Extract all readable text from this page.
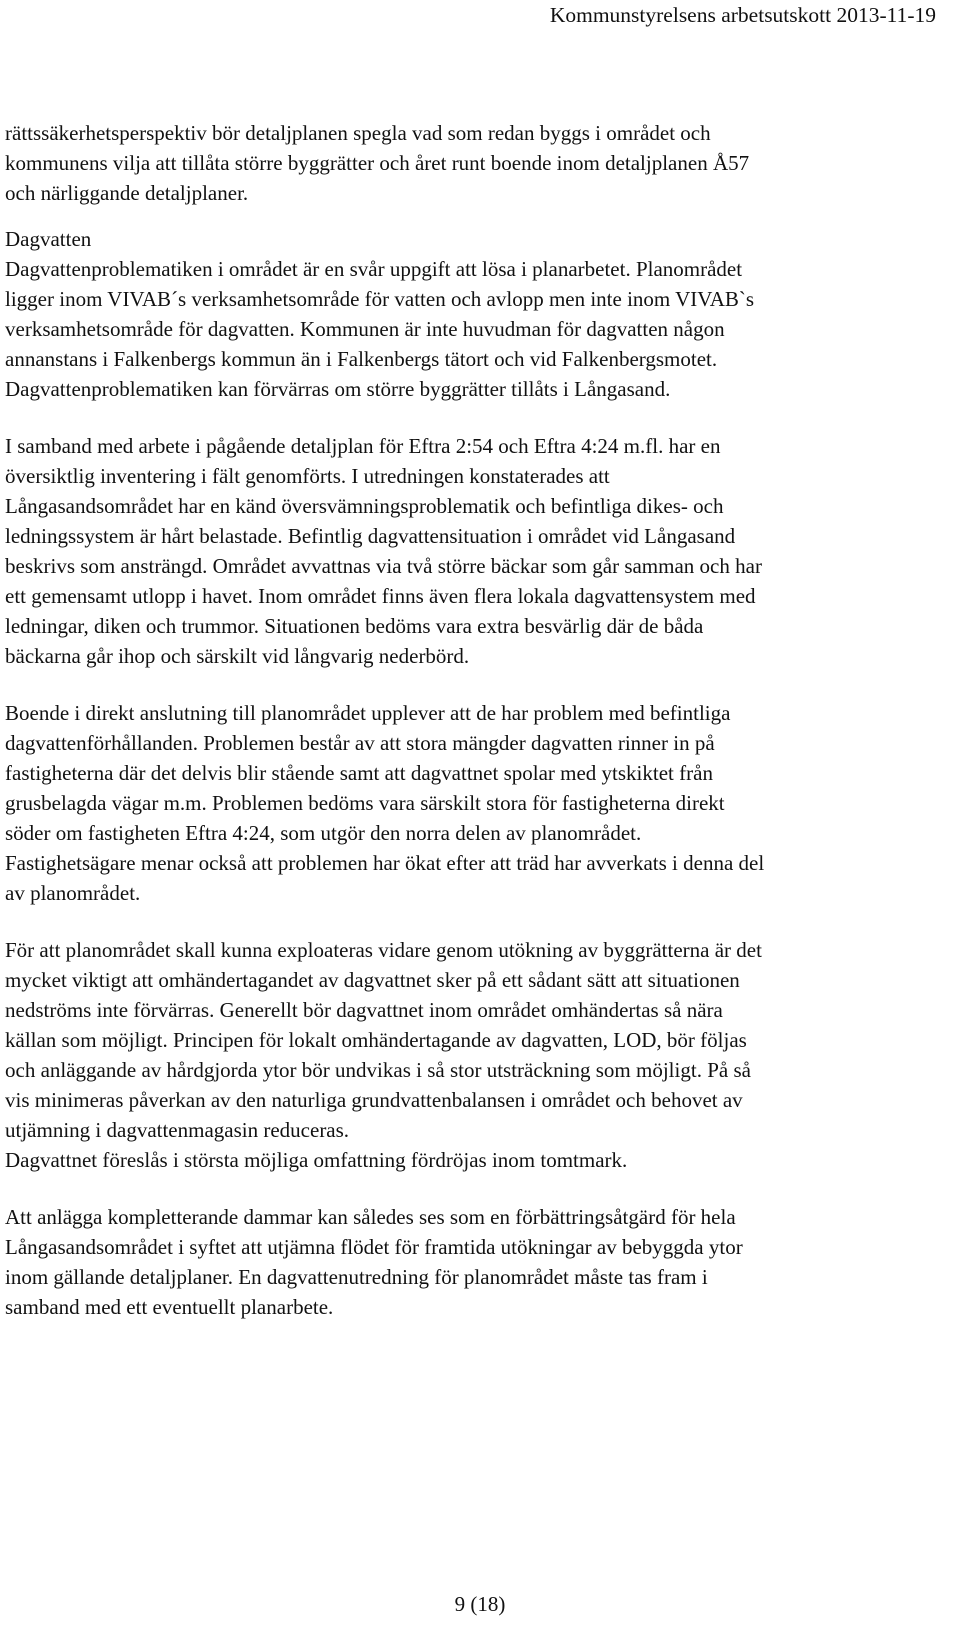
Kommunstyrelsens arbetsutskott 2013-11-19
rättssäkerhetsperspektiv bör detaljplanen spegla vad som redan byggs i området och
kommunens vilja att tillåta större byggrätter och året runt boende inom detaljplanen Å57
och närliggande detaljplaner.
Dagvatten
Dagvattenproblematiken i området är en svår uppgift att lösa i planarbetet. Planområdet
ligger inom VIVAB´s verksamhetsområde för vatten och avlopp men inte inom VIVAB`s
verksamhetsområde för dagvatten. Kommunen är inte huvudman för dagvatten någon
annanstans i Falkenbergs kommun än i Falkenbergs tätort och vid Falkenbergsmotet.
Dagvattenproblematiken kan förvärras om större byggrätter tillåts i Långasand.
I samband med arbete i pågående detaljplan för Eftra 2:54 och Eftra 4:24 m.fl. har en
översiktlig inventering i fält genomförts. I utredningen konstaterades att
Långasandsområdet har en känd översvämningsproblematik och befintliga dikes- och
ledningssystem är hårt belastade. Befintlig dagvattensituation i området vid Långasand
beskrivs som ansträngd. Området avvattnas via två större bäckar som går samman och har
ett gemensamt utlopp i havet. Inom området finns även flera lokala dagvattensystem med
ledningar, diken och trummor. Situationen bedöms vara extra besvärlig där de båda
bäckarna går ihop och särskilt vid långvarig nederbörd.
Boende i direkt anslutning till planområdet upplever att de har problem med befintliga
dagvattenförhållanden. Problemen består av att stora mängder dagvatten rinner in på
fastigheterna där det delvis blir stående samt att dagvattnet spolar med ytskiktet från
grusbelagda vägar m.m. Problemen bedöms vara särskilt stora för fastigheterna direkt
söder om fastigheten Eftra 4:24, som utgör den norra delen av planområdet.
Fastighetsägare menar också att problemen har ökat efter att träd har avverkats i denna del
av planområdet.
För att planområdet skall kunna exploateras vidare genom utökning av byggrätterna är det
mycket viktigt att omhändertagandet av dagvattnet sker på ett sådant sätt att situationen
nedströms inte förvärras. Generellt bör dagvattnet inom området omhändertas så nära
källan som möjligt. Principen för lokalt omhändertagande av dagvatten, LOD, bör följas
och anläggande av hårdgjorda ytor bör undvikas i så stor utsträckning som möjligt. På så
vis minimeras påverkan av den naturliga grundvattenbalansen i området och behovet av
utjämning i dagvattenmagasin reduceras.
Dagvattnet föreslås i största möjliga omfattning fördröjas inom tomtmark.
Att anlägga kompletterande dammar kan således ses som en förbättringsåtgärd för hela
Långasandsområdet i syftet att utjämna flödet för framtida utökningar av bebyggda ytor
inom gällande detaljplaner. En dagvattenutredning för planområdet måste tas fram i
samband med ett eventuellt planarbete.
9 (18)
